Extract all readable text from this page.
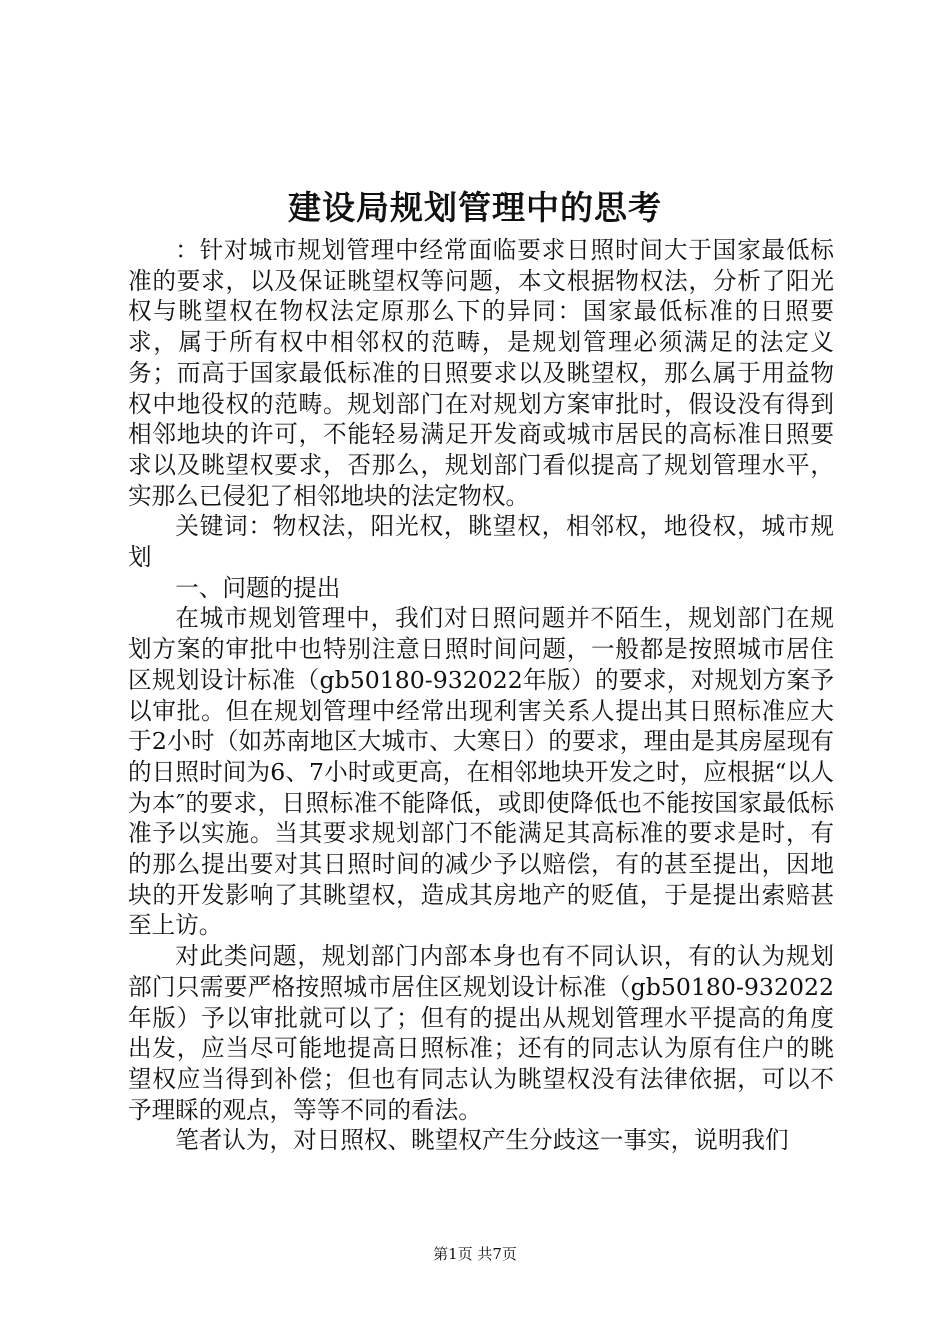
建设局规划管理中的思考

：针对城市规划管理中经常面临要求日照时间大于国家最低标准的要求，以及保证眺望权等问题，本文根据物权法，分析了阳光权与眺望权在物权法定原那么下的异同：国家最低标准的日照要求，属于所有权中相邻权的范畴，是规划管理必须满足的法定义务；而高于国家最低标准的日照要求以及眺望权，那么属于用益物权中地役权的范畴。规划部门在对规划方案审批时，假设没有得到相邻地块的许可，不能轻易满足开发商或城市居民的高标准日照要求以及眺望权要求，否那么，规划部门看似提高了规划管理水平，实那么已侵犯了相邻地块的法定物权。

关键词：物权法，阳光权，眺望权，相邻权，地役权，城市规划

一、问题的提出

在城市规划管理中，我们对日照问题并不陌生，规划部门在规划方案的审批中也特别注意日照时间问题，一般都是按照城市居住区规划设计标准（gb50180-932022年版）的要求，对规划方案予以审批。但在规划管理中经常出现利害关系人提出其日照标准应大于2小时（如苏南地区大城市、大寒日）的要求，理由是其房屋现有的日照时间为6、7小时或更高，在相邻地块开发之时，应根据“以人为本″的要求，日照标准不能降低，或即使降低也不能按国家最低标准予以实施。当其要求规划部门不能满足其高标准的要求是时，有的那么提出要对其日照时间的减少予以赔偿，有的甚至提出，因地块的开发影响了其眺望权，造成其房地产的贬值，于是提出索赔甚至上访。

对此类问题，规划部门内部本身也有不同认识，有的认为规划部门只需要严格按照城市居住区规划设计标准（gb50180-932022年版）予以审批就可以了；但有的提出从规划管理水平提高的角度出发，应当尽可能地提高日照标准；还有的同志认为原有住户的眺望权应当得到补偿；但也有同志认为眺望权没有法律依据，可以不予理睬的观点，等等不同的看法。

笔者认为，对日照权、眺望权产生分歧这一事实，说明我们

第1页 共7页
